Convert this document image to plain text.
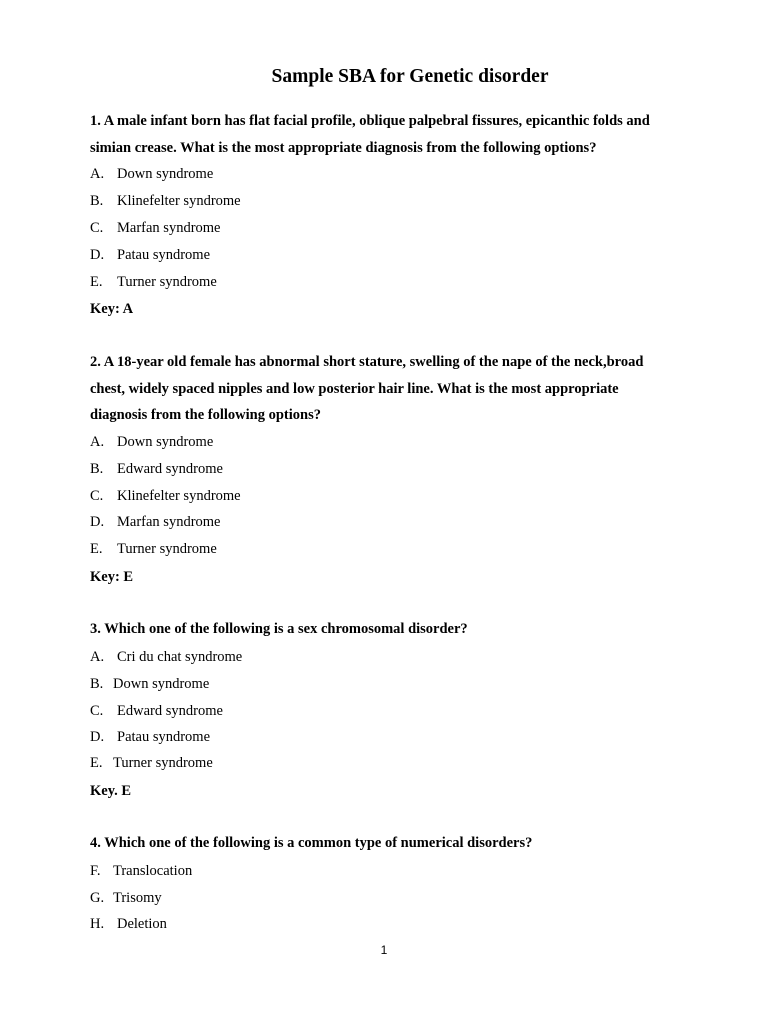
Sample SBA for Genetic disorder
1. A male infant born has flat facial profile, oblique palpebral fissures, epicanthic folds and
simian crease. What is the most appropriate diagnosis from the following options?
A. Down syndrome
B. Klinefelter syndrome
C. Marfan syndrome
D. Patau syndrome
E. Turner syndrome
Key: A
2. A 18-year old female has abnormal short stature, swelling of the nape of the neck,broad
chest, widely spaced nipples and low posterior hair line. What is the most appropriate
diagnosis from the following options?
A. Down syndrome
B. Edward syndrome
C. Klinefelter syndrome
D. Marfan syndrome
E. Turner syndrome
Key: E
3. Which one of the following is a sex chromosomal disorder?
A. Cri du chat syndrome
B. Down syndrome
C. Edward syndrome
D. Patau syndrome
E. Turner syndrome
Key. E
4. Which one of the following is a common type of numerical disorders?
F. Translocation
G. Trisomy
H. Deletion
1
